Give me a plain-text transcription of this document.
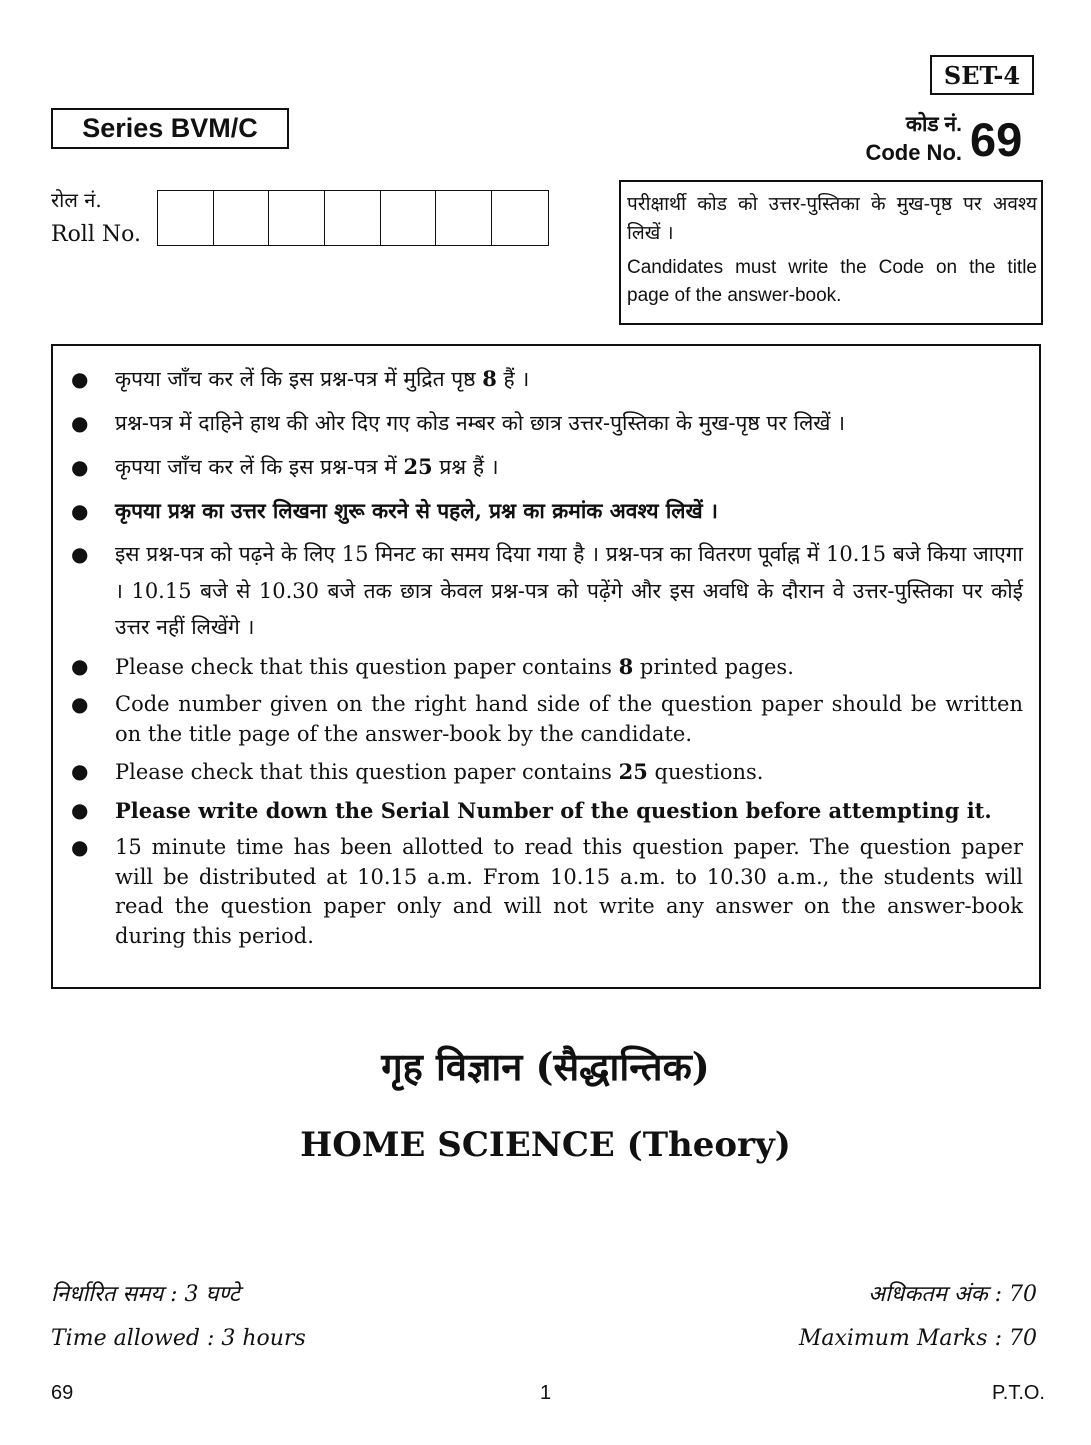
SET-4
Series BVM/C	कोड नं.
Code No. 69
रोल नं.
Roll No.
परीक्षार्थी कोड को उत्तर-पुस्तिका के मुख-पृष्ठ पर अवश्य लिखें ।
Candidates must write the Code on the title page of the answer-book.
● कृपया जाँच कर लें कि इस प्रश्न-पत्र में मुद्रित पृष्ठ 8 हैं ।
● प्रश्न-पत्र में दाहिने हाथ की ओर दिए गए कोड नम्बर को छात्र उत्तर-पुस्तिका के मुख-पृष्ठ पर लिखें ।
● कृपया जाँच कर लें कि इस प्रश्न-पत्र में 25 प्रश्न हैं ।
● कृपया प्रश्न का उत्तर लिखना शुरू करने से पहले, प्रश्न का क्रमांक अवश्य लिखें ।
● इस प्रश्न-पत्र को पढ़ने के लिए 15 मिनट का समय दिया गया है । प्रश्न-पत्र का वितरण पूर्वाह्न में 10.15 बजे किया जाएगा । 10.15 बजे से 10.30 बजे तक छात्र केवल प्रश्न-पत्र को पढ़ेंगे और इस अवधि के दौरान वे उत्तर-पुस्तिका पर कोई उत्तर नहीं लिखेंगे ।
● Please check that this question paper contains 8 printed pages.
● Code number given on the right hand side of the question paper should be written on the title page of the answer-book by the candidate.
● Please check that this question paper contains 25 questions.
● Please write down the Serial Number of the question before attempting it.
● 15 minute time has been allotted to read this question paper. The question paper will be distributed at 10.15 a.m. From 10.15 a.m. to 10.30 a.m., the students will read the question paper only and will not write any answer on the answer-book during this period.
गृह विज्ञान (सैद्धान्तिक)
HOME SCIENCE (Theory)
निर्धारित समय : 3 घण्टे	अधिकतम अंक : 70
Time allowed : 3 hours	Maximum Marks : 70
69	1	P.T.O.
